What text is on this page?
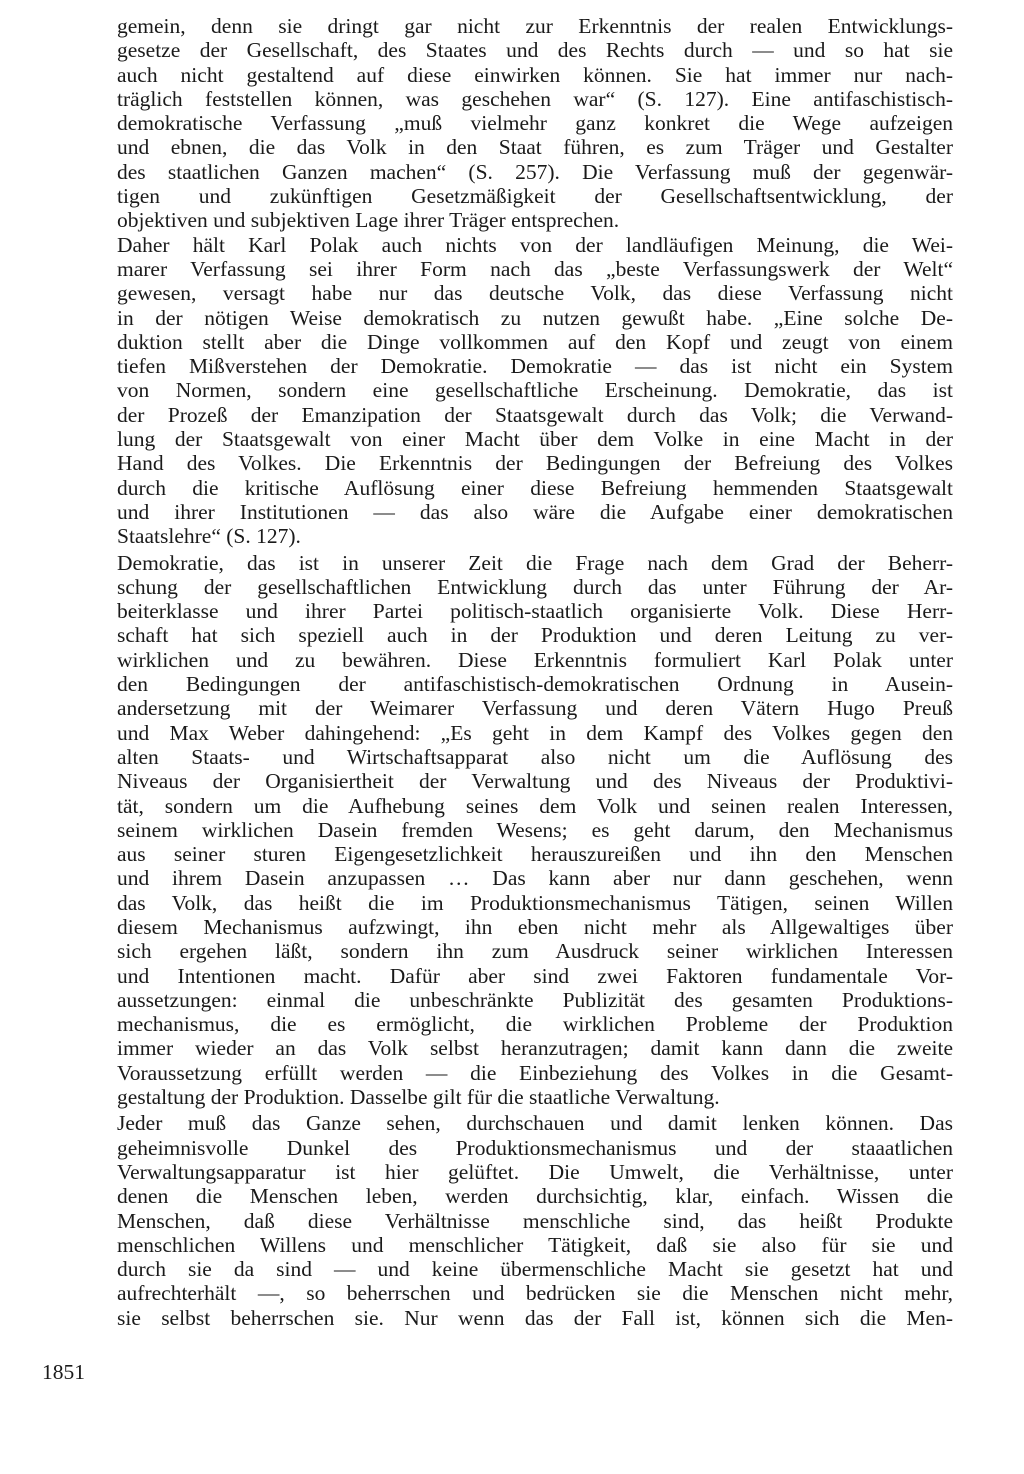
gemein, denn sie dringt gar nicht zur Erkenntnis der realen Entwicklungs-
gesetze der Gesellschaft, des Staates und des Rechts durch — und so hat sie
auch nicht gestaltend auf diese einwirken können. Sie hat immer nur nach-
träglich feststellen können, was geschehen war“ (S. 127). Eine antifaschistisch-
demokratische Verfassung „muß vielmehr ganz konkret die Wege aufzeigen
und ebnen, die das Volk in den Staat führen, es zum Träger und Gestalter
des staatlichen Ganzen machen“ (S. 257). Die Verfassung muß der gegenwär-
tigen und zukünftigen Gesetzmäßigkeit der Gesellschaftsentwicklung, der
objektiven und subjektiven Lage ihrer Träger entsprechen.
Daher hält Karl Polak auch nichts von der landläufigen Meinung, die Wei-
marer Verfassung sei ihrer Form nach das „beste Verfassungswerk der Welt“
gewesen, versagt habe nur das deutsche Volk, das diese Verfassung nicht
in der nötigen Weise demokratisch zu nutzen gewußt habe. „Eine solche De-
duktion stellt aber die Dinge vollkommen auf den Kopf und zeugt von einem
tiefen Mißverstehen der Demokratie. Demokratie — das ist nicht ein System
von Normen, sondern eine gesellschaftliche Erscheinung. Demokratie, das ist
der Prozeß der Emanzipation der Staatsgewalt durch das Volk; die Verwand-
lung der Staatsgewalt von einer Macht über dem Volke in eine Macht in der
Hand des Volkes. Die Erkenntnis der Bedingungen der Befreiung des Volkes
durch die kritische Auflösung einer diese Befreiung hemmenden Staatsgewalt
und ihrer Institutionen — das also wäre die Aufgabe einer demokratischen
Staatslehre“ (S. 127).
Demokratie, das ist in unserer Zeit die Frage nach dem Grad der Beherr-
schung der gesellschaftlichen Entwicklung durch das unter Führung der Ar-
beiterklasse und ihrer Partei politisch-staatlich organisierte Volk. Diese Herr-
schaft hat sich speziell auch in der Produktion und deren Leitung zu ver-
wirklichen und zu bewähren. Diese Erkenntnis formuliert Karl Polak unter
den Bedingungen der antifaschistisch-demokratischen Ordnung in Ausein-
andersetzung mit der Weimarer Verfassung und deren Vätern Hugo Preuß
und Max Weber dahingehend: „Es geht in dem Kampf des Volkes gegen den
alten Staats- und Wirtschaftsapparat also nicht um die Auflösung des
Niveaus der Organisiertheit der Verwaltung und des Niveaus der Produktivi-
tät, sondern um die Aufhebung seines dem Volk und seinen realen Interessen,
seinem wirklichen Dasein fremden Wesens; es geht darum, den Mechanismus
aus seiner sturen Eigengesetzlichkeit herauszureißen und ihn den Menschen
und ihrem Dasein anzupassen … Das kann aber nur dann geschehen, wenn
das Volk, das heißt die im Produktionsmechanismus Tätigen, seinen Willen
diesem Mechanismus aufzwingt, ihn eben nicht mehr als Allgewaltiges über
sich ergehen läßt, sondern ihn zum Ausdruck seiner wirklichen Interessen
und Intentionen macht. Dafür aber sind zwei Faktoren fundamentale Vor-
aussetzungen: einmal die unbeschränkte Publizität des gesamten Produktions-
mechanismus, die es ermöglicht, die wirklichen Probleme der Produktion
immer wieder an das Volk selbst heranzutragen; damit kann dann die zweite
Voraussetzung erfüllt werden — die Einbeziehung des Volkes in die Gesamt-
gestaltung der Produktion. Dasselbe gilt für die staatliche Verwaltung.
Jeder muß das Ganze sehen, durchschauen und damit lenken können. Das
geheimnisvolle Dunkel des Produktionsmechanismus und der staaatlichen
Verwaltungsapparatur ist hier gelüftet. Die Umwelt, die Verhältnisse, unter
denen die Menschen leben, werden durchsichtig, klar, einfach. Wissen die
Menschen, daß diese Verhältnisse menschliche sind, das heißt Produkte
menschlichen Willens und menschlicher Tätigkeit, daß sie also für sie und
durch sie da sind — und keine übermenschliche Macht sie gesetzt hat und
aufrechterhält —, so beherrschen und bedrücken sie die Menschen nicht mehr,
sie selbst beherrschen sie. Nur wenn das der Fall ist, können sich die Men-
1851
